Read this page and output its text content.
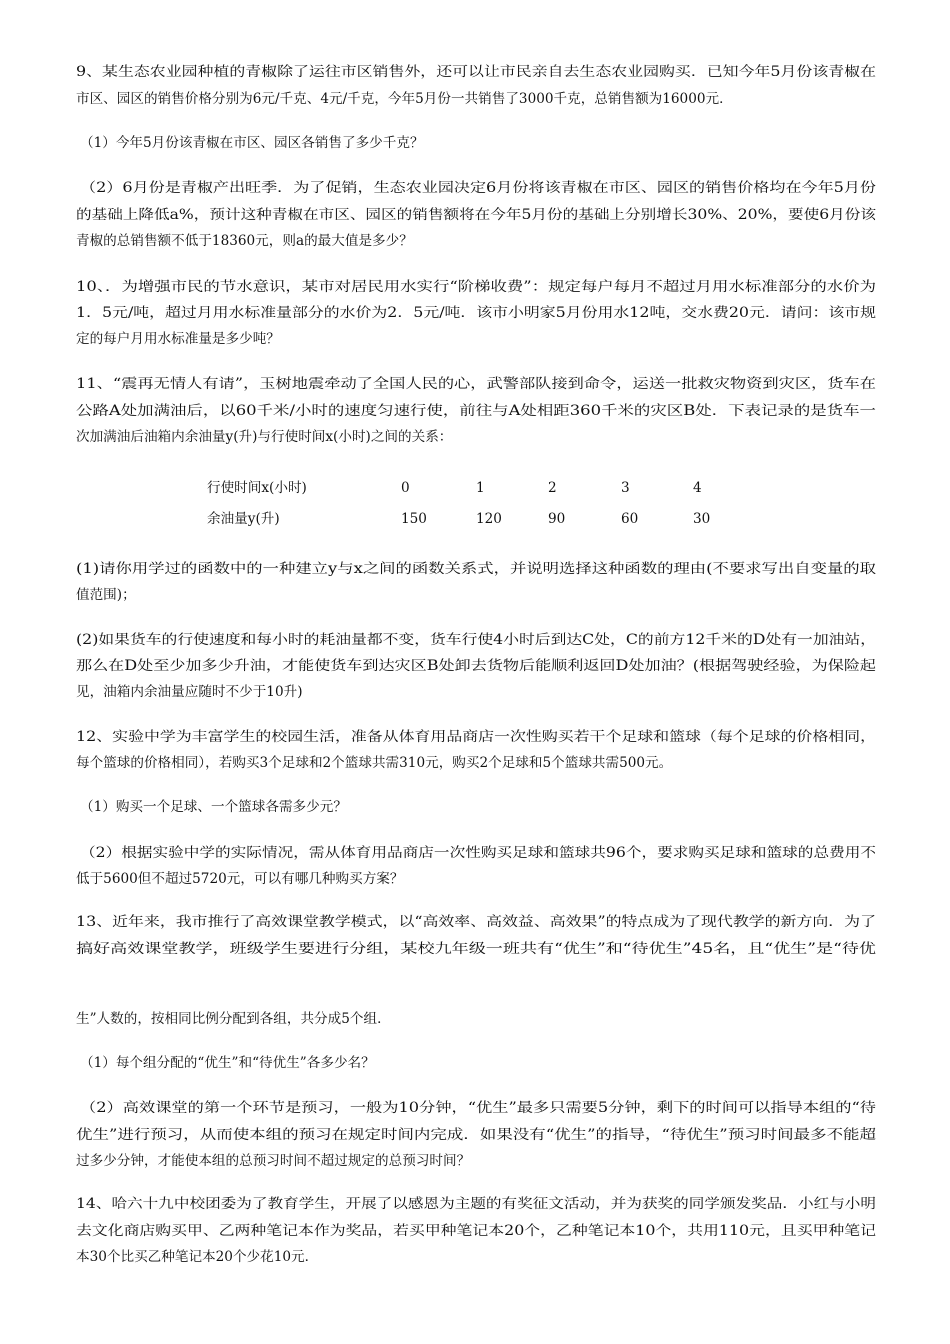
9、某生态农业园种植的青椒除了运往市区销售外，还可以让市民亲自去生态农业园购买．已知今年5月份该青椒在
市区、园区的销售价格分别为6元/千克、4元/千克，今年5月份一共销售了3000千克，总销售额为16000元．
（1）今年5月份该青椒在市区、园区各销售了多少千克？
（2）6月份是青椒产出旺季．为了促销，生态农业园决定6月份将该青椒在市区、园区的销售价格均在今年5月份
的基础上降低a%，预计这种青椒在市区、园区的销售额将在今年5月份的基础上分别增长30%、20%，要使6月份该
青椒的总销售额不低于18360元，则a的最大值是多少？
10、．为增强市民的节水意识，某市对居民用水实行“阶梯收费”：规定每户每月不超过月用水标准部分的水价为
1．5元/吨，超过月用水标准量部分的水价为2．5元/吨．该市小明家5月份用水12吨，交水费20元．请问：该市规
定的每户月用水标准量是多少吨？
11、“震再无情人有请”，玉树地震牵动了全国人民的心，武警部队接到命令，运送一批救灾物资到灾区，货车在
公路A处加满油后，以60千米/小时的速度匀速行使，前往与A处相距360千米的灾区B处．下表记录的是货车一
次加满油后油箱内余油量y(升)与行使时间x(小时)之间的关系：
(1)请你用学过的函数中的一种建立y与x之间的函数关系式，并说明选择这种函数的理由(不要求写出自变量的取
值范围)；
(2)如果货车的行使速度和每小时的耗油量都不变，货车行使4小时后到达C处，C的前方12千米的D处有一加油站，
那么在D处至少加多少升油，才能使货车到达灾区B处卸去货物后能顺利返回D处加油？(根据驾驶经验，为保险起
见，油箱内余油量应随时不少于10升)
12、实验中学为丰富学生的校园生活，准备从体育用品商店一次性购买若干个足球和篮球（每个足球的价格相同，
每个篮球的价格相同），若购买3个足球和2个篮球共需310元，购买2个足球和5个篮球共需500元。
（1）购买一个足球、一个篮球各需多少元？
（2）根据实验中学的实际情况，需从体育用品商店一次性购买足球和篮球共96个，要求购买足球和篮球的总费用不
低于5600但不超过5720元，可以有哪几种购买方案？
13、近年来，我市推行了高效课堂教学模式，以“高效率、高效益、高效果”的特点成为了现代教学的新方向．为了
搞好高效课堂教学，班级学生要进行分组，某校九年级一班共有“优生”和“待优生”45名，且“优生”是“待优
生”人数的，按相同比例分配到各组，共分成5个组．
（1）每个组分配的“优生”和“待优生”各多少名？
（2）高效课堂的第一个环节是预习，一般为10分钟，“优生”最多只需要5分钟，剩下的时间可以指导本组的“待
优生”进行预习，从而使本组的预习在规定时间内完成．如果没有“优生”的指导，“待优生”预习时间最多不能超
过多少分钟，才能使本组的总预习时间不超过规定的总预习时间？
14、哈六十九中校团委为了教育学生，开展了以感恩为主题的有奖征文活动，并为获奖的同学颁发奖品．小红与小明
去文化商店购买甲、乙两种笔记本作为奖品，若买甲种笔记本20个，乙种笔记本10个，共用110元，且买甲种笔记
本30个比买乙种笔记本20个少花10元．
行使时间x(小时)	0	1	2	3	4
余油量y(升)	150	120	90	60	30
